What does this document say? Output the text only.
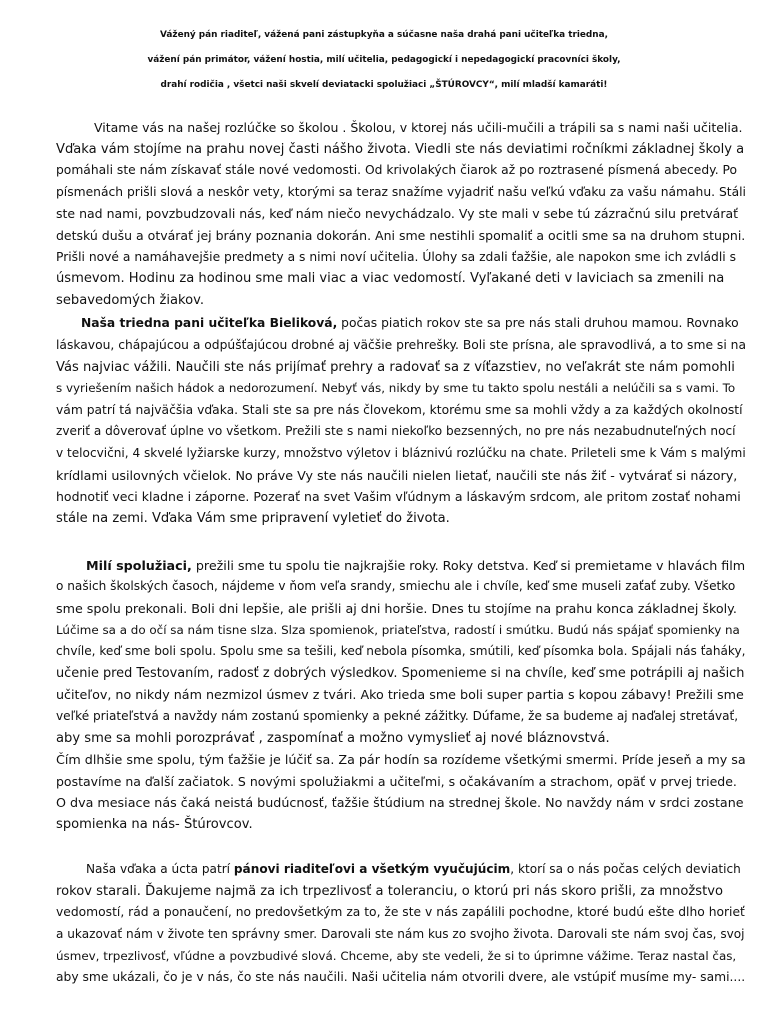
Vážený pán riaditeľ, vážená pani zástupkyňa a súčasne naša drahá pani učiteľka triedna,
vážení pán primátor, vážení hostia, milí učitelia, pedagogickí i nepedagogickí pracovníci školy,
drahí rodičia , všetci naši skvelí deviatacki spolužiaci „ŠTÚROVCY“, milí mladší kamaráti!
Vitame vás na našej rozlúčke so školou . Školou, v ktorej nás učili-mučili a trápili sa s nami naši učitelia.
Vďaka vám stojíme na prahu novej časti nášho života. Viedli ste nás deviatimi ročníkmi základnej školy a
pomáhali ste nám získavať stále nové vedomosti. Od krivolakých čiarok až po roztrasené písmená abecedy. Po
písmenách prišli slová a neskôr vety, ktorými sa teraz snažíme vyjadriť našu veľkú vďaku za vašu námahu. Stáli
ste nad nami, povzbudzovali nás, keď nám niečo nevychádzalo. Vy ste mali v sebe tú zázračnú silu pretvárať
detskú dušu a otvárať jej brány poznania dokorán. Ani sme nestihli spomaliť a ocitli sme sa na druhom stupni.
Prišli nové a namáhavejšie predmety a s nimi noví učitelia. Úlohy sa zdali ťažšie, ale napokon sme ich zvládli s
úsmevom. Hodinu za hodinou sme mali viac a viac vedomostí. Vyľakané deti v laviciach sa zmenili na
sebavedomých žiakov.
Naša triedna pani učiteľka Bieliková, počas piatich rokov ste sa pre nás stali druhou mamou. Rovnako
láskavou, chápajúcou a odpúšťajúcou drobné aj väčšie prehrešky. Boli ste prísna, ale spravodlivá, a to sme si na
Vás najviac vážili. Naučili ste nás prijímať prehry a radovať sa z víťazstiev, no veľakrát ste nám pomohli
s vyriešením našich hádok a nedorozumení. Nebyť vás, nikdy by sme tu takto spolu nestáli a nelúčili sa s vami. To
vám patrí tá najväčšia vďaka. Stali ste sa pre nás človekom, ktorému sme sa mohli vždy a za každých okolností
zveriť a dôverovať úplne vo všetkom. Prežili ste s nami niekoľko bezsenných, no pre nás nezabudnuteľných nocí
v telocvični, 4 skvelé lyžiarske kurzy, množstvo výletov i bláznivú rozlúčku na chate. Prileteli sme k Vám s malými
krídlami usilovných včielok. No práve Vy ste nás naučili nielen lietať, naučili ste nás žiť - vytvárať si názory,
hodnotiť veci kladne i záporne. Pozerať na svet Vašim vľúdnym a láskavým srdcom, ale pritom zostať nohami
stále na zemi. Vďaka Vám sme pripravení vyletieť do života.
Milí spolužiaci, prežili sme tu spolu tie najkrajšie roky. Roky detstva. Keď si premietame v hlavách film
o našich školských časoch, nájdeme v ňom veľa srandy, smiechu ale i chvíle, keď sme museli zaťať zuby. Všetko
sme spolu prekonali. Boli dni lepšie, ale prišli aj dni horšie. Dnes tu stojíme na prahu konca základnej školy.
Lúčime sa a do očí sa nám tisne slza. Slza spomienok, priateľstva, radostí i smútku. Budú nás spájať spomienky na
chvíle, keď sme boli spolu. Spolu sme sa tešili, keď nebola písomka, smútili, keď písomka bola. Spájali nás ťaháky,
učenie pred Testovaním, radosť z dobrých výsledkov. Spomenieme si na chvíle, keď sme potrápili aj našich
učiteľov, no nikdy nám nezmizol úsmev z tvári. Ako trieda sme boli super partia s kopou zábavy! Prežili sme
veľké priateľstvá a navždy nám zostanú spomienky a pekné zážitky. Dúfame, že sa budeme aj naďalej stretávať,
aby sme sa mohli porozprávať , zaspomínať a možno vymyslieť aj nové bláznovstvá.
Čím dlhšie sme spolu, tým ťažšie je lúčiť sa. Za pár hodín sa rozídeme všetkými smermi. Príde jeseň a my sa
postavíme na ďalší začiatok. S novými spolužiakmi a učiteľmi, s očakávaním a strachom, opäť v prvej triede.
O dva mesiace nás čaká neistá budúcnosť, ťažšie štúdium na strednej škole. No navždy nám v srdci zostane
spomienka na nás- Štúrovcov.
Naša vďaka a úcta patrí pánovi riaditeľovi a všetkým vyučujúcim, ktorí sa o nás počas celých deviatich
rokov starali. Ďakujeme najmä za ich trpezlivosť a toleranciu, o ktorú pri nás skoro prišli, za množstvo
vedomostí, rád a ponaučení, no predovšetkým za to, že ste v nás zapálili pochodne, ktoré budú ešte dlho horieť
a ukazovať nám v živote ten správny smer. Darovali ste nám kus zo svojho života. Darovali ste nám svoj čas, svoj
úsmev, trpezlivosť, vľúdne a povzbudivé slová. Chceme, aby ste vedeli, že si to úprimne vážime. Teraz nastal čas,
aby sme ukázali, čo je v nás, čo ste nás naučili. Naši učitelia nám otvorili dvere, ale vstúpiť musíme my- sami....
